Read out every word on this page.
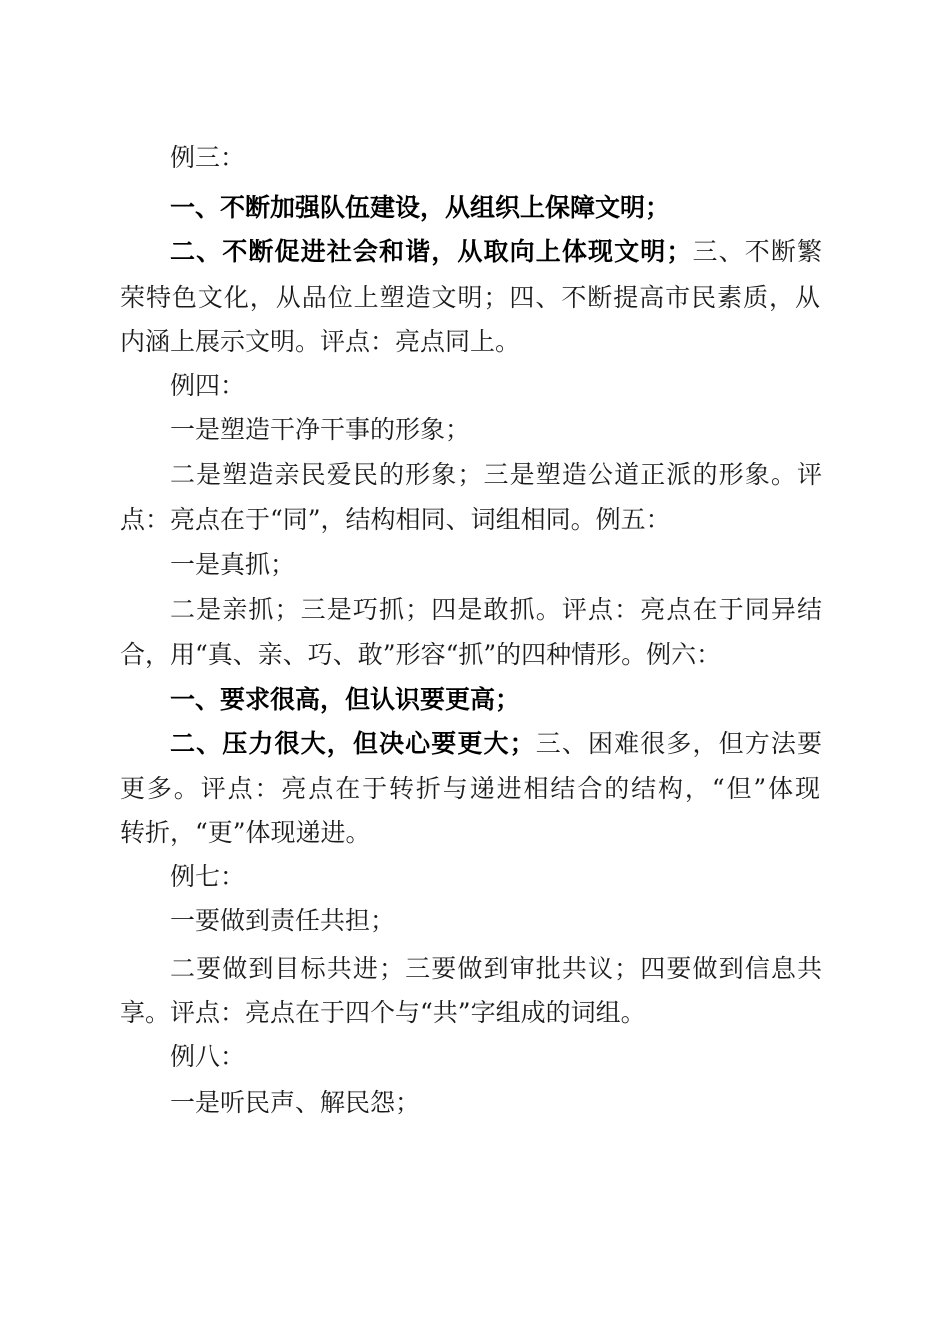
例三：
一、不断加强队伍建设，从组织上保障文明；
二、不断促进社会和谐，从取向上体现文明；三、不断繁
荣特色文化，从品位上塑造文明；四、不断提高市民素质，从
内涵上展示文明。评点：亮点同上。
例四：
一是塑造干净干事的形象；
二是塑造亲民爱民的形象；三是塑造公道正派的形象。评
点：亮点在于“同”，结构相同、词组相同。例五：
一是真抓；
二是亲抓；三是巧抓；四是敢抓。评点：亮点在于同异结
合，用“真、亲、巧、敢”形容“抓”的四种情形。例六：
一、要求很高，但认识要更高；
二、压力很大，但决心要更大；三、困难很多，但方法要
更多。评点：亮点在于转折与递进相结合的结构，“但”体现
转折，“更”体现递进。
例七：
一要做到责任共担；
二要做到目标共进；三要做到审批共议；四要做到信息共
享。评点：亮点在于四个与“共”字组成的词组。
例八：
一是听民声、解民怨；
